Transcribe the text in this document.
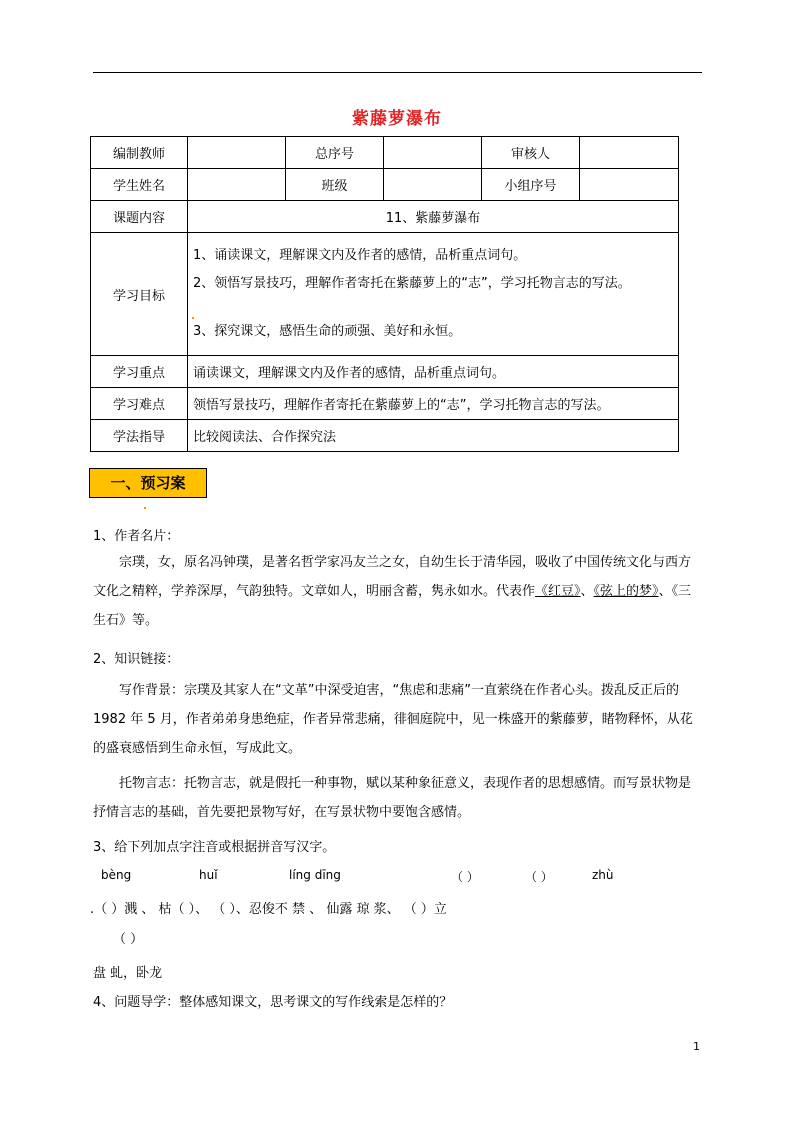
紫藤萝瀑布
编制教师		总序号		审核人	
学生姓名		班级		小组序号	
课题内容	11、紫藤萝瀑布				
学习目标	1、诵读课文，理解课文内及作者的感情，品析重点词句。

2、领悟写景技巧，理解作者寄托在紫藤萝上的“志”，学习托物言志的写法。

3、探究课文，感悟生命的顽强、美好和永恒。				

学习重点	诵读课文，理解课文内及作者的感情，品析重点词句。				
学习难点	领悟写景技巧，理解作者寄托在紫藤萝上的“志”，学习托物言志的写法。				
学法指导	比较阅读法、合作探究法				
一、预习案
1、作者名片：
宗璞，女，原名冯钟璞，是著名哲学家冯友兰之女，自幼生长于清华园，吸收了中国传统文化与西方文化之精粹，学养深厚，气韵独特。文章如人，明丽含蓄，隽永如水。代表作《红豆》、《弦上的梦》、《三生石》等。
2、知识链接：
写作背景：宗璞及其家人在“文革”中深受迫害，“焦虑和悲痛”一直萦绕在作者心头。拨乱反正后的 1982 年 5 月，作者弟弟身患绝症，作者异常悲痛，徘徊庭院中，见一株盛开的紫藤萝，睹物释怀，从花的盛衰感悟到生命永恒，写成此文。
托物言志：托物言志，就是假托一种事物，赋以某种象征意义，表现作者的思想感情。而写景状物是抒情言志的基础，首先要把景物写好，在写景状物中要饱含感情。
3、给下列加点字注音或根据拼音写汉字。
bèng	huǐ	líng dīng	（ ）	（ ）	zhù
.（ ）溅 、 枯（ ）、 （ ）、忍俊不 禁 、 仙露 琼 浆、 （ ）立
（ ）
盘 虬，卧龙
4、问题导学：整体感知课文，思考课文的写作线索是怎样的？
1
